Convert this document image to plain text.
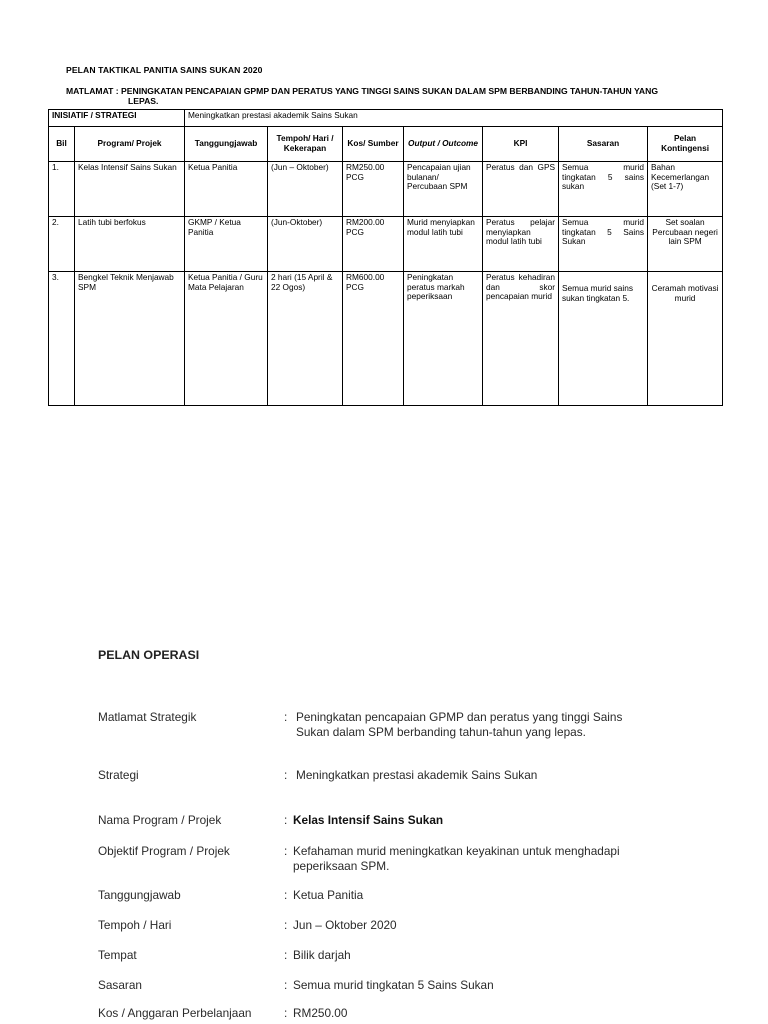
PELAN TAKTIKAL PANITIA SAINS SUKAN 2020
MATLAMAT : PENINGKATAN PENCAPAIAN GPMP DAN PERATUS YANG TINGGI SAINS SUKAN DALAM SPM BERBANDING TAHUN-TAHUN YANG
LEPAS.
INISIATIF / STRATEGI		Meningkatkan prestasi akademik Sains Sukan						
Bil	Program/ Projek	Tanggungjawab	Tempoh/ Hari / Kekerapan	Kos/ Sumber	Output / Outcome	KPI	Sasaran	Pelan Kontingensi
1.	Kelas Intensif Sains Sukan	Ketua Panitia	(Jun – Oktober)	RM250.00 PCG	Pencapaian ujian bulanan/ Percubaan SPM	Peratus dan GPS	Semua murid tingkatan 5 sains sukan	Bahan Kecemerlangan (Set 1-7)
2.	Latih tubi berfokus	GKMP / Ketua Panitia	(Jun-Oktober)	RM200.00 PCG	Murid menyiapkan modul latih tubi	Peratus pelajar menyiapkan modul latih tubi	Semua murid tingkatan 5 Sains Sukan	Set soalan Percubaan negeri lain SPM
3.	Bengkel Teknik Menjawab SPM	Ketua Panitia / Guru Mata Pelajaran	2 hari (15 April & 22 Ogos)	RM600.00 PCG	Peningkatan peratus markah peperiksaan	Peratus kehadiran dan skor pencapaian murid	Semua murid sains sukan tingkatan 5.	Ceramah motivasi murid
PELAN OPERASI
Matlamat Strategik	: Peningkatan pencapaian GPMP dan peratus yang tinggi Sains Sukan dalam SPM berbanding tahun-tahun yang lepas.
Strategi	: Meningkatkan prestasi akademik Sains Sukan
Nama Program / Projek	: Kelas Intensif Sains Sukan
Objektif Program / Projek	: Kefahaman murid meningkatkan keyakinan untuk menghadapi peperiksaan SPM.
Tanggungjawab	: Ketua Panitia
Tempoh / Hari	: Jun – Oktober 2020
Tempat	: Bilik darjah
Sasaran	: Semua murid tingkatan 5 Sains Sukan
Kos / Anggaran Perbelanjaan	: RM250.00
